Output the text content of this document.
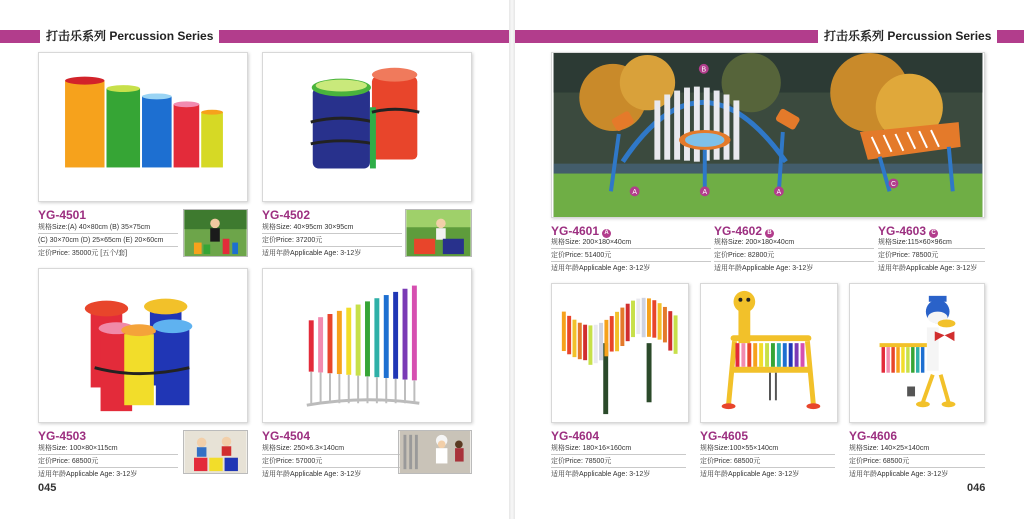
打击乐系列 Percussion Series
YG-4501
规格Size:(A) 40×80cm (B) 35×75cm
(C) 30×70cm (D) 25×65cm (E) 20×60cm
定价Price: 35000元 [五个/套]
YG-4502
规格Size: 40×95cm 30×95cm
定价Price: 37200元
适用年龄Applicable Age: 3-12岁
YG-4503
规格Size: 100×80×115cm
定价Price: 68500元
适用年龄Applicable Age: 3-12岁
YG-4504
规格Size: 250×6.3×140cm
定价Price: 57000元
适用年龄Applicable Age: 3-12岁
045
打击乐系列 Percussion Series
B
A	A	A
C
YG-4601 A
规格Size: 200×180×40cm
定价Price: 51400元
适用年龄Applicable Age: 3-12岁
YG-4602 B
规格Size: 200×180×40cm
定价Price: 82800元
适用年龄Applicable Age: 3-12岁
YG-4603 C
规格Size:115×60×96cm
定价Price: 78500元
适用年龄Applicable Age: 3-12岁
YG-4604
规格Size: 180×16×160cm
定价Price: 78500元
适用年龄Applicable Age: 3-12岁
YG-4605
规格Size:100×55×140cm
定价Price: 68500元
适用年龄Applicable Age: 3-12岁
YG-4606
规格Size: 140×25×140cm
定价Price: 68500元
适用年龄Applicable Age: 3-12岁
046
